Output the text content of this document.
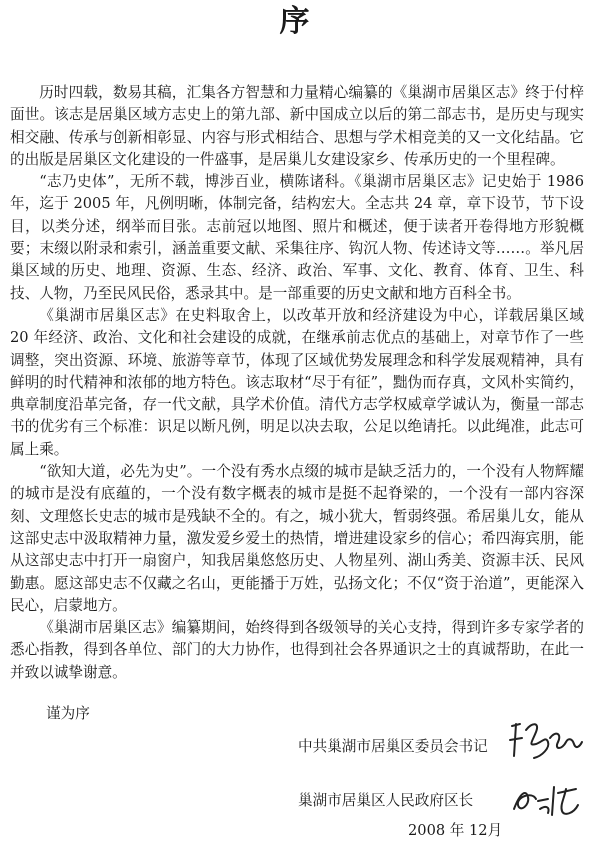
序

历时四载，数易其稿，汇集各方智慧和力量精心编纂的《巢湖市居巢区志》终于付梓面世。该志是居巢区域方志史上的第九部、新中国成立以后的第二部志书，是历史与现实相交融、传承与创新相彰显、内容与形式相结合、思想与学术相竞美的又一文化结晶。它的出版是居巢区文化建设的一件盛事，是居巢儿女建设家乡、传承历史的一个里程碑。

“志乃史体”，无所不载，博涉百业，横陈诸科。《巢湖市居巢区志》记史始于 1986 年，迄于 2005 年，凡例明晰，体制完备，结构宏大。全志共 24 章，章下设节，节下设目，以类分述，纲举而目张。志前冠以地图、照片和概述，便于读者开卷得地方形貌概要；末缀以附录和索引，涵盖重要文献、采集往序、钩沉人物、传述诗文等……。举凡居巢区域的历史、地理、资源、生态、经济、政治、军事、文化、教育、体育、卫生、科技、人物，乃至民风民俗，悉录其中。是一部重要的历史文献和地方百科全书。

《巢湖市居巢区志》在史料取舍上，以改革开放和经济建设为中心，详载居巢区域 20 年经济、政治、文化和社会建设的成就，在继承前志优点的基础上，对章节作了一些调整，突出资源、环境、旅游等章节，体现了区域优势发展理念和科学发展观精神，具有鲜明的时代精神和浓郁的地方特色。该志取材“尽于有征”，黜伪而存真，文风朴实简约，典章制度沿革完备，存一代文献，具学术价值。清代方志学权威章学诚认为，衡量一部志书的优劣有三个标准：识足以断凡例，明足以决去取，公足以绝请托。以此绳准，此志可属上乘。

“欲知大道，必先为史”。一个没有秀水点缀的城市是缺乏活力的，一个没有人物辉耀的城市是没有底蕴的，一个没有数字概表的城市是挺不起脊梁的，一个没有一部内容深刻、文理悠长史志的城市是残缺不全的。有之，城小犹大，暂弱终强。希居巢儿女，能从这部史志中汲取精神力量，激发爱乡爱土的热情，增进建设家乡的信心；希四海宾朋，能从这部史志中打开一扇窗户，知我居巢悠悠历史、人物星列、湖山秀美、资源丰沃、民风勤惠。愿这部史志不仅藏之名山，更能播于万姓，弘扬文化；不仅“资于治道”，更能深入民心，启蒙地方。

《巢湖市居巢区志》编纂期间，始终得到各级领导的关心支持，得到许多专家学者的悉心指教，得到各单位、部门的大力协作，也得到社会各界通识之士的真诚帮助，在此一并致以诚挚谢意。

谨为序
中共巢湖市居巢区委员会书记
巢湖市居巢区人民政府区长
2008 年 12月
